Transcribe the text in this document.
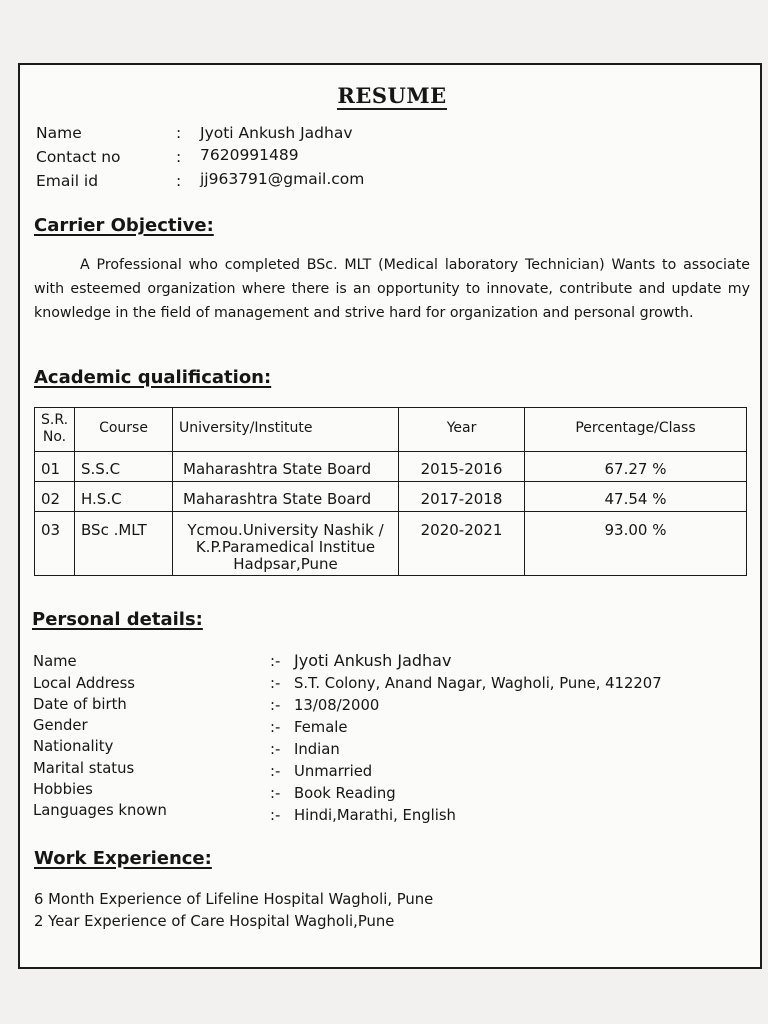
RESUME
Name	: Jyoti Ankush Jadhav
Contact no	: 7620991489
Email id	: jj963791@gmail.com
Carrier Objective:
A Professional who completed BSc. MLT (Medical laboratory Technician) Wants to associate with esteemed organization where there is an opportunity to innovate, contribute and update my knowledge in the field of management and strive hard for organization and personal growth.
Academic qualification:
S.R. No.	Course	University/Institute	Year	Percentage/Class
01	S.S.C	Maharashtra State Board	2015-2016	67.27 %
02	H.S.C	Maharashtra State Board	2017-2018	47.54 %
03	BSc .MLT	Ycmou.University Nashik / K.P.Paramedical Institue Hadpsar,Pune	2020-2021	93.00 %
Personal details:
Name	:- Jyoti Ankush Jadhav
Local Address	:- S.T. Colony, Anand Nagar, Wagholi, Pune, 412207
Date of birth	:- 13/08/2000
Gender	:- Female
Nationality	:- Indian
Marital status	:- Unmarried
Hobbies	:- Book Reading
Languages known	:- Hindi,Marathi, English
Work Experience:
6 Month Experience of Lifeline Hospital Wagholi, Pune
2 Year Experience of Care Hospital Wagholi,Pune
